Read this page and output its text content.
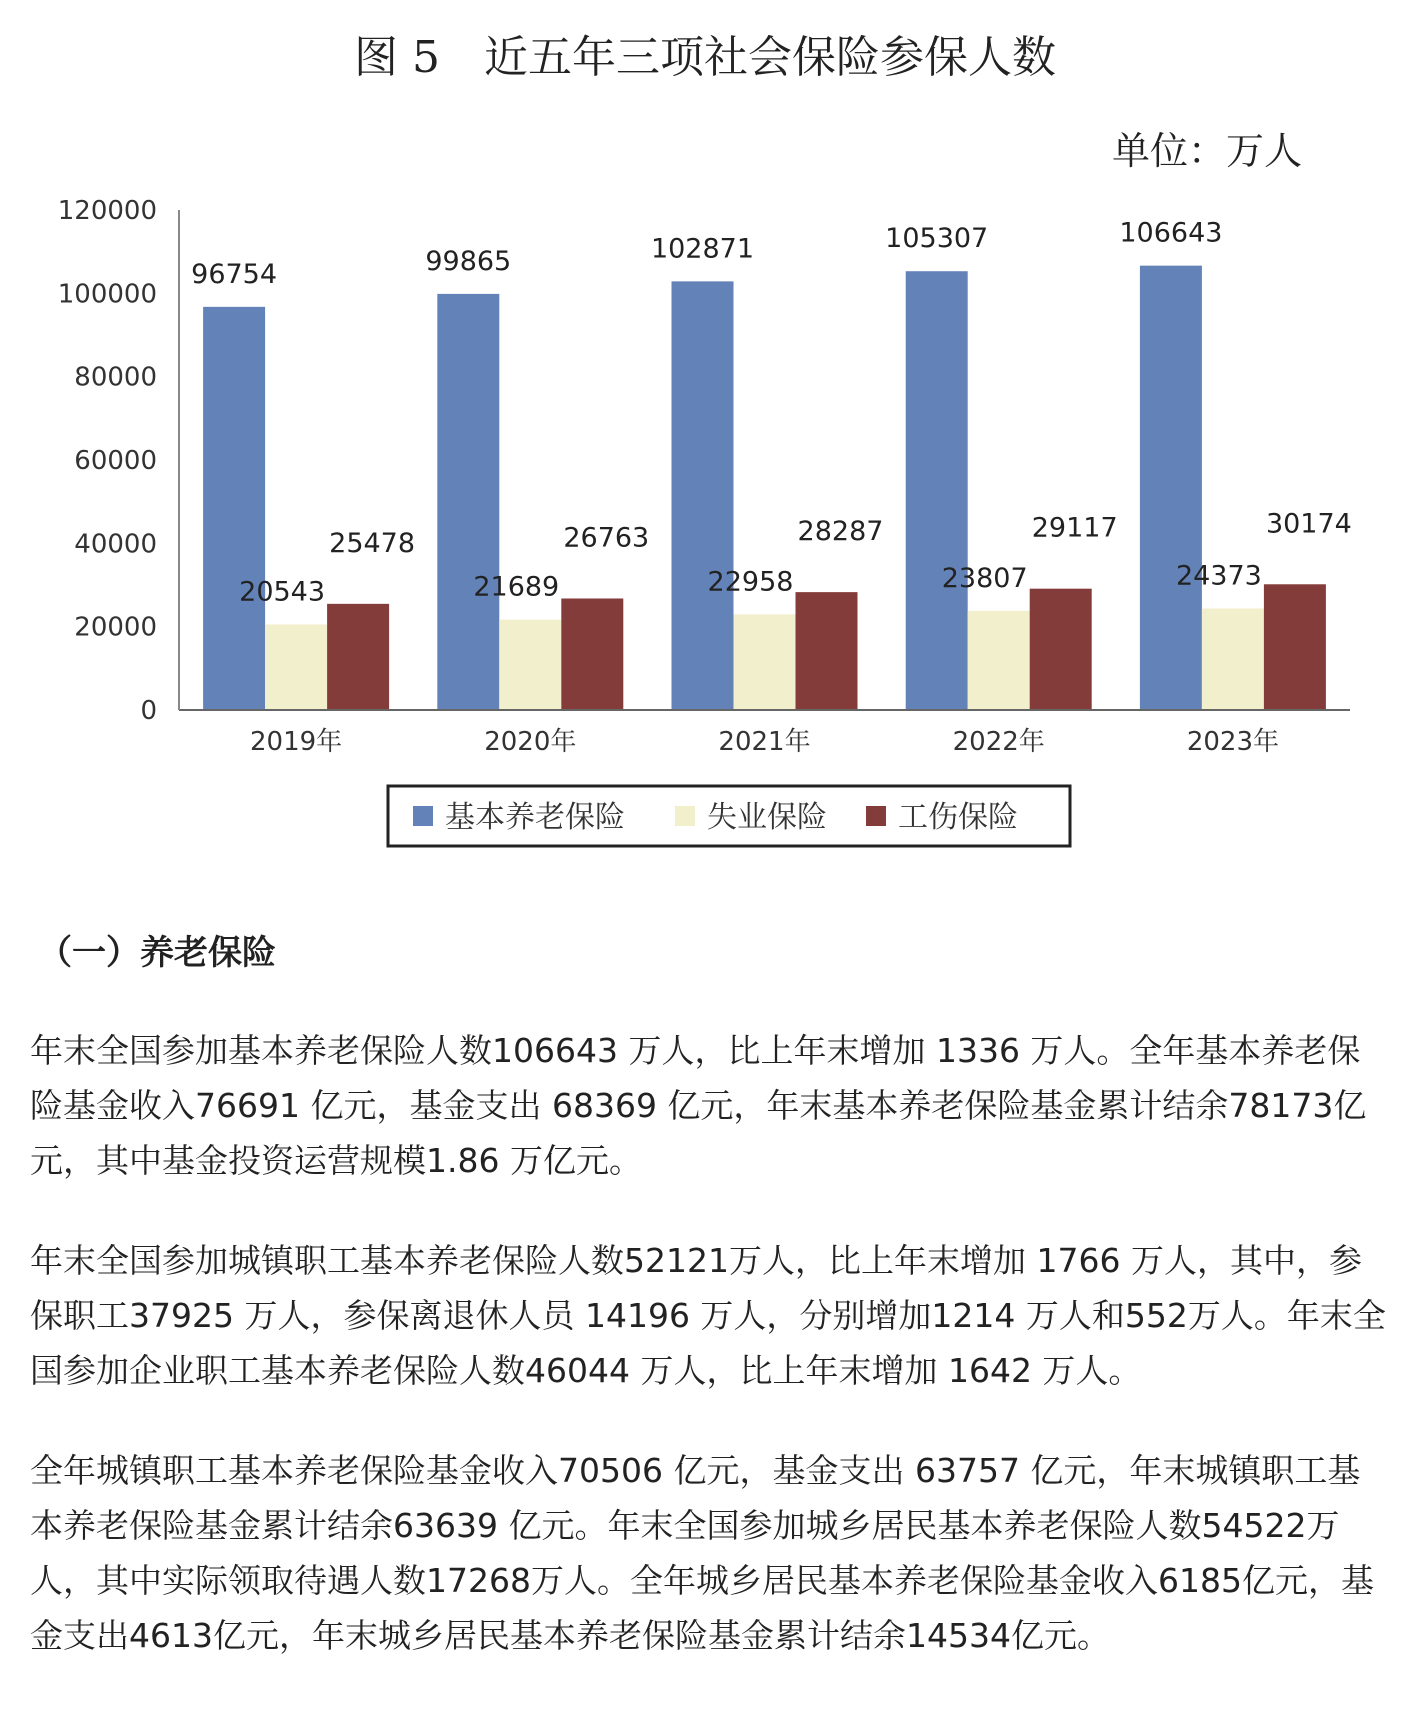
图 5　近五年三项社会保险参保人数
单位：万人
0
20000
40000
60000
80000
100000
120000
96754
20543
25478
99865
21689
26763
102871
22958
28287
105307
23807
29117
106643
24373
30174
2019年	2020年	2021年	2022年	2023年
基本养老保险	失业保险 工伤保险
（一）养老保险

年末全国参加基本养老保险人数106643 万人，比上年末增加 1336 万人。全年基本养老保险基金收入76691 亿元，基金支出 68369 亿元，年末基本养老保险基金累计结余78173亿元，其中基金投资运营规模1.86 万亿元。

年末全国参加城镇职工基本养老保险人数52121万人，比上年末增加 1766 万人，其中，参保职工37925 万人，参保离退休人员 14196 万人，分别增加1214 万人和552万人。年末全国参加企业职工基本养老保险人数46044 万人，比上年末增加 1642 万人。

全年城镇职工基本养老保险基金收入70506 亿元，基金支出 63757 亿元，年末城镇职工基本养老保险基金累计结余63639 亿元。年末全国参加城乡居民基本养老保险人数54522万人，其中实际领取待遇人数17268万人。全年城乡居民基本养老保险基金收入6185亿元，基金支出4613亿元，年末城乡居民基本养老保险基金累计结余14534亿元。
